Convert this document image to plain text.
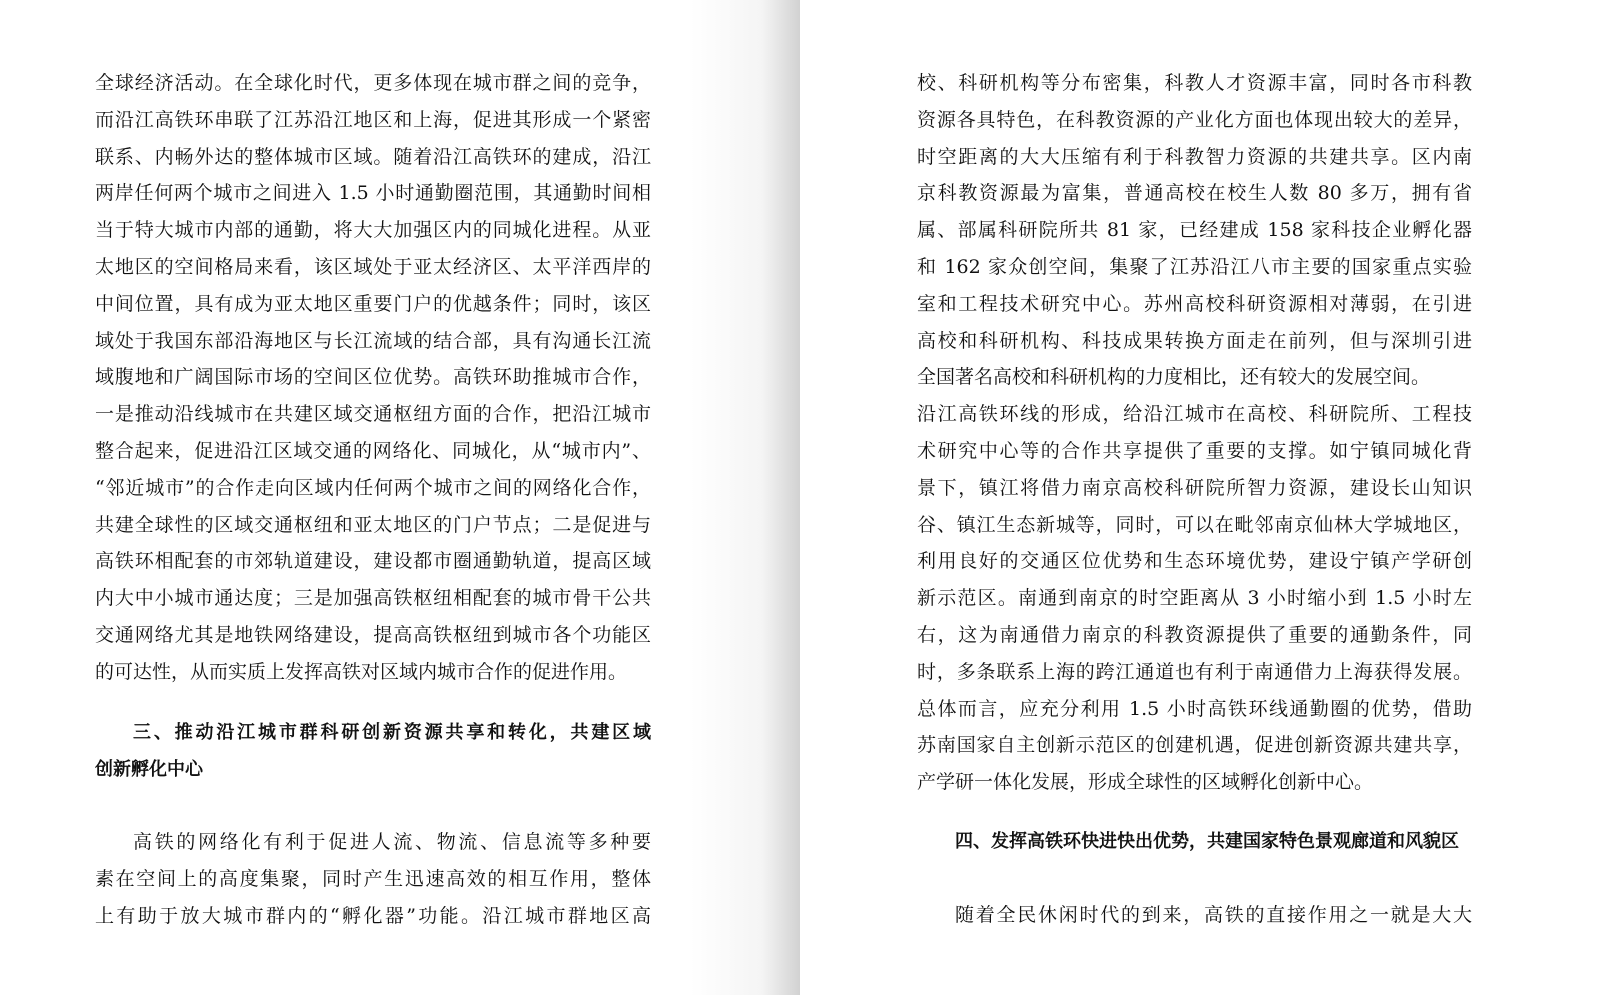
全球经济活动。在全球化时代，更多体现在城市群之间的竞争，
而沿江高铁环串联了江苏沿江地区和上海，促进其形成一个紧密
联系、内畅外达的整体城市区域。随着沿江高铁环的建成，沿江
两岸任何两个城市之间进入 1.5 小时通勤圈范围，其通勤时间相
当于特大城市内部的通勤，将大大加强区内的同城化进程。从亚
太地区的空间格局来看，该区域处于亚太经济区、太平洋西岸的
中间位置，具有成为亚太地区重要门户的优越条件；同时，该区
域处于我国东部沿海地区与长江流域的结合部，具有沟通长江流
域腹地和广阔国际市场的空间区位优势。高铁环助推城市合作，
一是推动沿线城市在共建区域交通枢纽方面的合作，把沿江城市
整合起来，促进沿江区域交通的网络化、同城化，从“城市内”、
“邻近城市”的合作走向区域内任何两个城市之间的网络化合作，
共建全球性的区域交通枢纽和亚太地区的门户节点；二是促进与
高铁环相配套的市郊轨道建设，建设都市圈通勤轨道，提高区域
内大中小城市通达度；三是加强高铁枢纽相配套的城市骨干公共
交通网络尤其是地铁网络建设，提高高铁枢纽到城市各个功能区
的可达性，从而实质上发挥高铁对区域内城市合作的促进作用。
三、推动沿江城市群科研创新资源共享和转化，共建区域
创新孵化中心
高铁的网络化有利于促进人流、物流、信息流等多种要
素在空间上的高度集聚，同时产生迅速高效的相互作用，整体
上有助于放大城市群内的“孵化器”功能。沿江城市群地区高
校、科研机构等分布密集，科教人才资源丰富，同时各市科教
资源各具特色，在科教资源的产业化方面也体现出较大的差异，
时空距离的大大压缩有利于科教智力资源的共建共享。区内南
京科教资源最为富集，普通高校在校生人数 80 多万，拥有省
属、部属科研院所共 81 家，已经建成 158 家科技企业孵化器
和 162 家众创空间，集聚了江苏沿江八市主要的国家重点实验
室和工程技术研究中心。苏州高校科研资源相对薄弱，在引进
高校和科研机构、科技成果转换方面走在前列，但与深圳引进
全国著名高校和科研机构的力度相比，还有较大的发展空间。
沿江高铁环线的形成，给沿江城市在高校、科研院所、工程技
术研究中心等的合作共享提供了重要的支撑。如宁镇同城化背
景下，镇江将借力南京高校科研院所智力资源，建设长山知识
谷、镇江生态新城等，同时，可以在毗邻南京仙林大学城地区，
利用良好的交通区位优势和生态环境优势，建设宁镇产学研创
新示范区。南通到南京的时空距离从 3 小时缩小到 1.5 小时左
右，这为南通借力南京的科教资源提供了重要的通勤条件，同
时，多条联系上海的跨江通道也有利于南通借力上海获得发展。
总体而言，应充分利用 1.5 小时高铁环线通勤圈的优势，借助
苏南国家自主创新示范区的创建机遇，促进创新资源共建共享，
产学研一体化发展，形成全球性的区域孵化创新中心。
四、发挥高铁环快进快出优势，共建国家特色景观廊道和风貌区
随着全民休闲时代的到来，高铁的直接作用之一就是大大
